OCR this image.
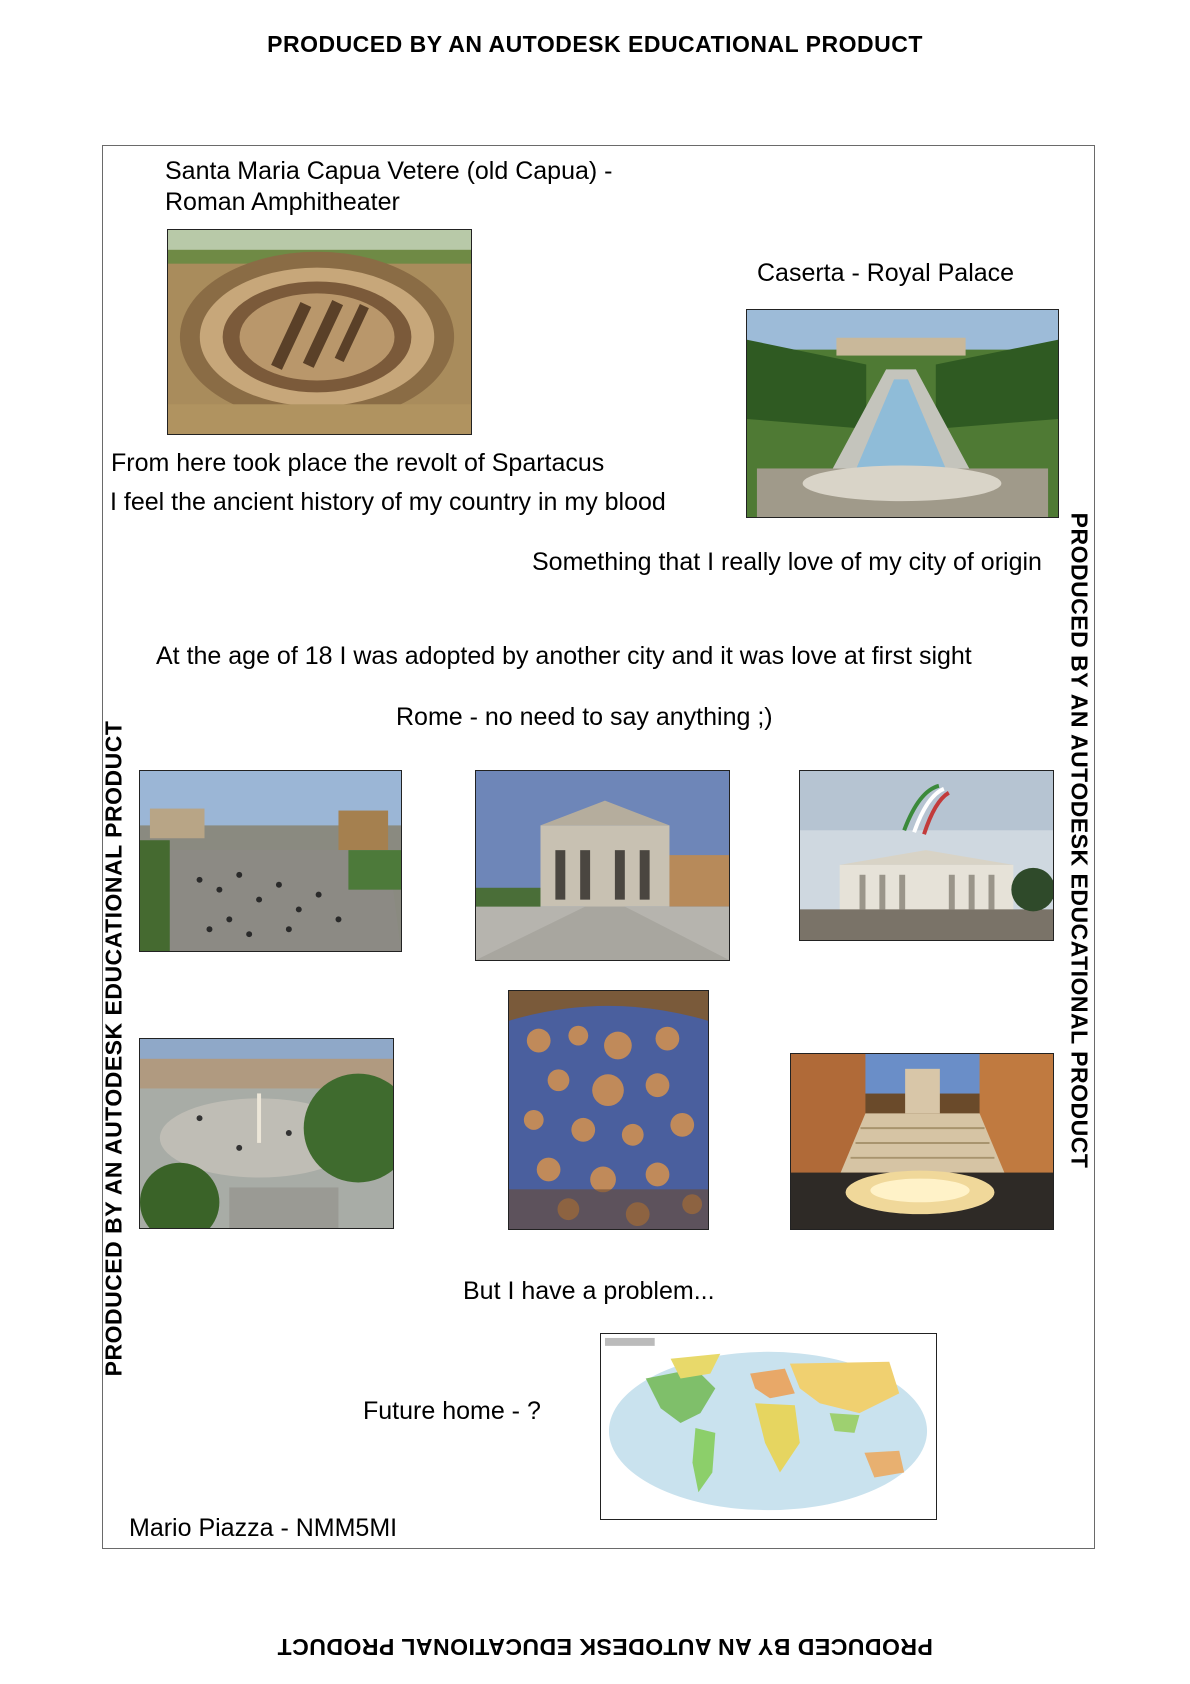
PRODUCED BY AN AUTODESK EDUCATIONAL PRODUCT
PRODUCED BY AN AUTODESK EDUCATIONAL PRODUCT
PRODUCED BY AN AUTODESK EDUCATIONAL PRODUCT	PRODUCED BY AN AUTODESK EDUCATIONAL PRODUCT
Santa Maria Capua Vetere (old Capua) -
Roman Amphitheater
Caserta - Royal Palace
From here took place the revolt of Spartacus
I feel the ancient history of my country in my blood
Something that I really love of my city of origin
At the age of 18 I was adopted by another city and it was love at first sight
Rome - no need to say anything ;)
But I have a problem...
Future home - ?
Mario Piazza - NMM5MI
